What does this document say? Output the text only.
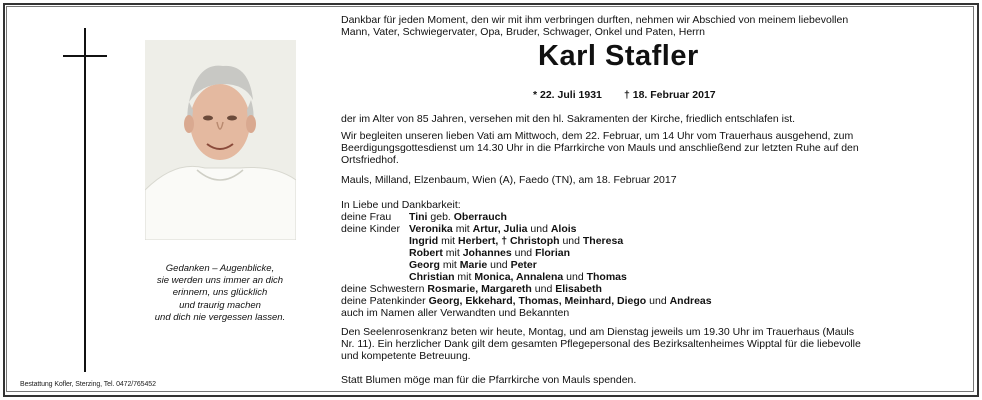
Gedanken – Augenblicke,
sie werden uns immer an dich
erinnern, uns glücklich
und traurig machen
und dich nie vergessen lassen.
Bestattung Kofler, Sterzing, Tel. 0472/765452
Dankbar für jeden Moment, den wir mit ihm verbringen durften, nehmen wir Abschied von meinem liebevollen
Mann, Vater, Schwiegervater, Opa, Bruder, Schwager, Onkel und Paten, Herrn
Karl Stafler
* 22. Juli 1931 † 18. Februar 2017
der im Alter von 85 Jahren, versehen mit den hl. Sakramenten der Kirche, friedlich entschlafen ist.
Wir begleiten unseren lieben Vati am Mittwoch, dem 22. Februar, um 14 Uhr vom Trauerhaus ausgehend, zum
Beerdigungsgottesdienst um 14.30 Uhr in die Pfarrkirche von Mauls und anschließend zur letzten Ruhe auf den
Ortsfriedhof.
Mauls, Milland, Elzenbaum, Wien (A), Faedo (TN), am 18. Februar 2017
In Liebe und Dankbarkeit:
deine Frau Tini geb. Oberrauch
deine Kinder Veronika mit Artur, Julia und Alois
Ingrid mit Herbert, † Christoph und Theresa
Robert mit Johannes und Florian
Georg mit Marie und Peter
Christian mit Monica, Annalena und Thomas
deine Schwestern Rosmarie, Margareth und Elisabeth
deine Patenkinder Georg, Ekkehard, Thomas, Meinhard, Diego und Andreas
auch im Namen aller Verwandten und Bekannten
Den Seelenrosenkranz beten wir heute, Montag, und am Dienstag jeweils um 19.30 Uhr im Trauerhaus (Mauls
Nr. 11). Ein herzlicher Dank gilt dem gesamten Pflegepersonal des Bezirksaltenheimes Wipptal für die liebevolle
und kompetente Betreuung.
Statt Blumen möge man für die Pfarrkirche von Mauls spenden.
